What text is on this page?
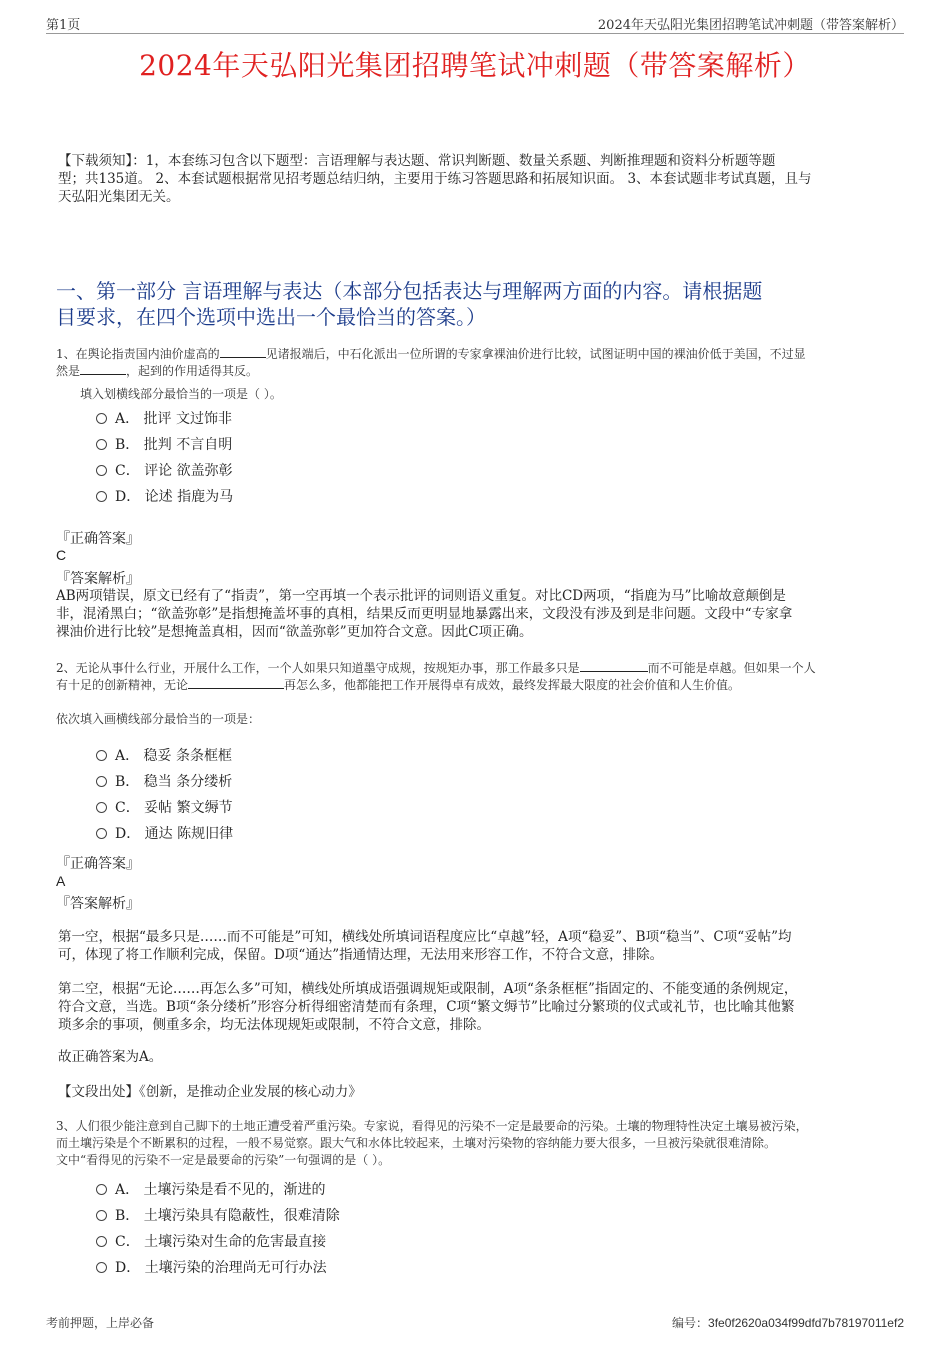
第1页	2024年天弘阳光集团招聘笔试冲刺题（带答案解析）
2024年天弘阳光集团招聘笔试冲刺题（带答案解析）
【下载须知】：1，本套练习包含以下题型：言语理解与表达题、常识判断题、数量关系题、判断推理题和资料分析题等题
型；共135道。 2、本套试题根据常见招考题总结归纳，主要用于练习答题思路和拓展知识面。 3、本套试题非考试真题，且与
天弘阳光集团无关。
一、第一部分 言语理解与表达（本部分包括表达与理解两方面的内容。请根据题
目要求，在四个选项中选出一个最恰当的答案。）
1、在舆论指责国内油价虚高的	见诸报端后，中石化派出一位所谓的专家拿裸油价进行比较，试图证明中国的裸油价低于美国，不过显
然是	，起到的作用适得其反。
填入划横线部分最恰当的一项是（ ）。
A． 批评 文过饰非
B． 批判 不言自明
C． 评论 欲盖弥彰
D． 论述 指鹿为马
『正确答案』
C
『答案解析』
AB两项错误，原文已经有了“指责”，第一空再填一个表示批评的词则语义重复。对比CD两项，“指鹿为马”比喻故意颠倒是
非，混淆黑白；“欲盖弥彰”是指想掩盖坏事的真相，结果反而更明显地暴露出来，文段没有涉及到是非问题。文段中“专家拿
裸油价进行比较”是想掩盖真相，因而“欲盖弥彰”更加符合文意。因此C项正确。
2、无论从事什么行业，开展什么工作，一个人如果只知道墨守成规，按规矩办事，那工作最多只是	而不可能是卓越。但如果一个人
有十足的创新精神，无论	再怎么多，他都能把工作开展得卓有成效，最终发挥最大限度的社会价值和人生价值。
依次填入画横线部分最恰当的一项是：
A． 稳妥 条条框框
B． 稳当 条分缕析
C． 妥帖 繁文缛节
D． 通达 陈规旧律
『正确答案』
A
『答案解析』
第一空，根据“最多只是……而不可能是”可知，横线处所填词语程度应比“卓越”轻，A项“稳妥”、B项“稳当”、C项“妥帖”均
可，体现了将工作顺利完成，保留。D项“通达”指通情达理，无法用来形容工作，不符合文意，排除。
第二空，根据“无论……再怎么多”可知，横线处所填成语强调规矩或限制，A项“条条框框”指固定的、不能变通的条例规定，
符合文意，当选。B项“条分缕析”形容分析得细密清楚而有条理，C项“繁文缛节”比喻过分繁琐的仪式或礼节，也比喻其他繁
琐多余的事项，侧重多余，均无法体现规矩或限制，不符合文意，排除。
故正确答案为A。
【文段出处】《创新，是推动企业发展的核心动力》
3、人们很少能注意到自己脚下的土地正遭受着严重污染。专家说，看得见的污染不一定是最要命的污染。土壤的物理特性决定土壤易被污染，
而土壤污染是个不断累积的过程，一般不易觉察。跟大气和水体比较起来，土壤对污染物的容纳能力要大很多，一旦被污染就很难清除。
文中“看得见的污染不一定是最要命的污染”一句强调的是（ ）。
A． 土壤污染是看不见的，渐进的
B． 土壤污染具有隐蔽性，很难清除
C． 土壤污染对生命的危害最直接
D． 土壤污染的治理尚无可行办法
考前押题，上岸必备	编号：3fe0f2620a034f99dfd7b78197011ef2
